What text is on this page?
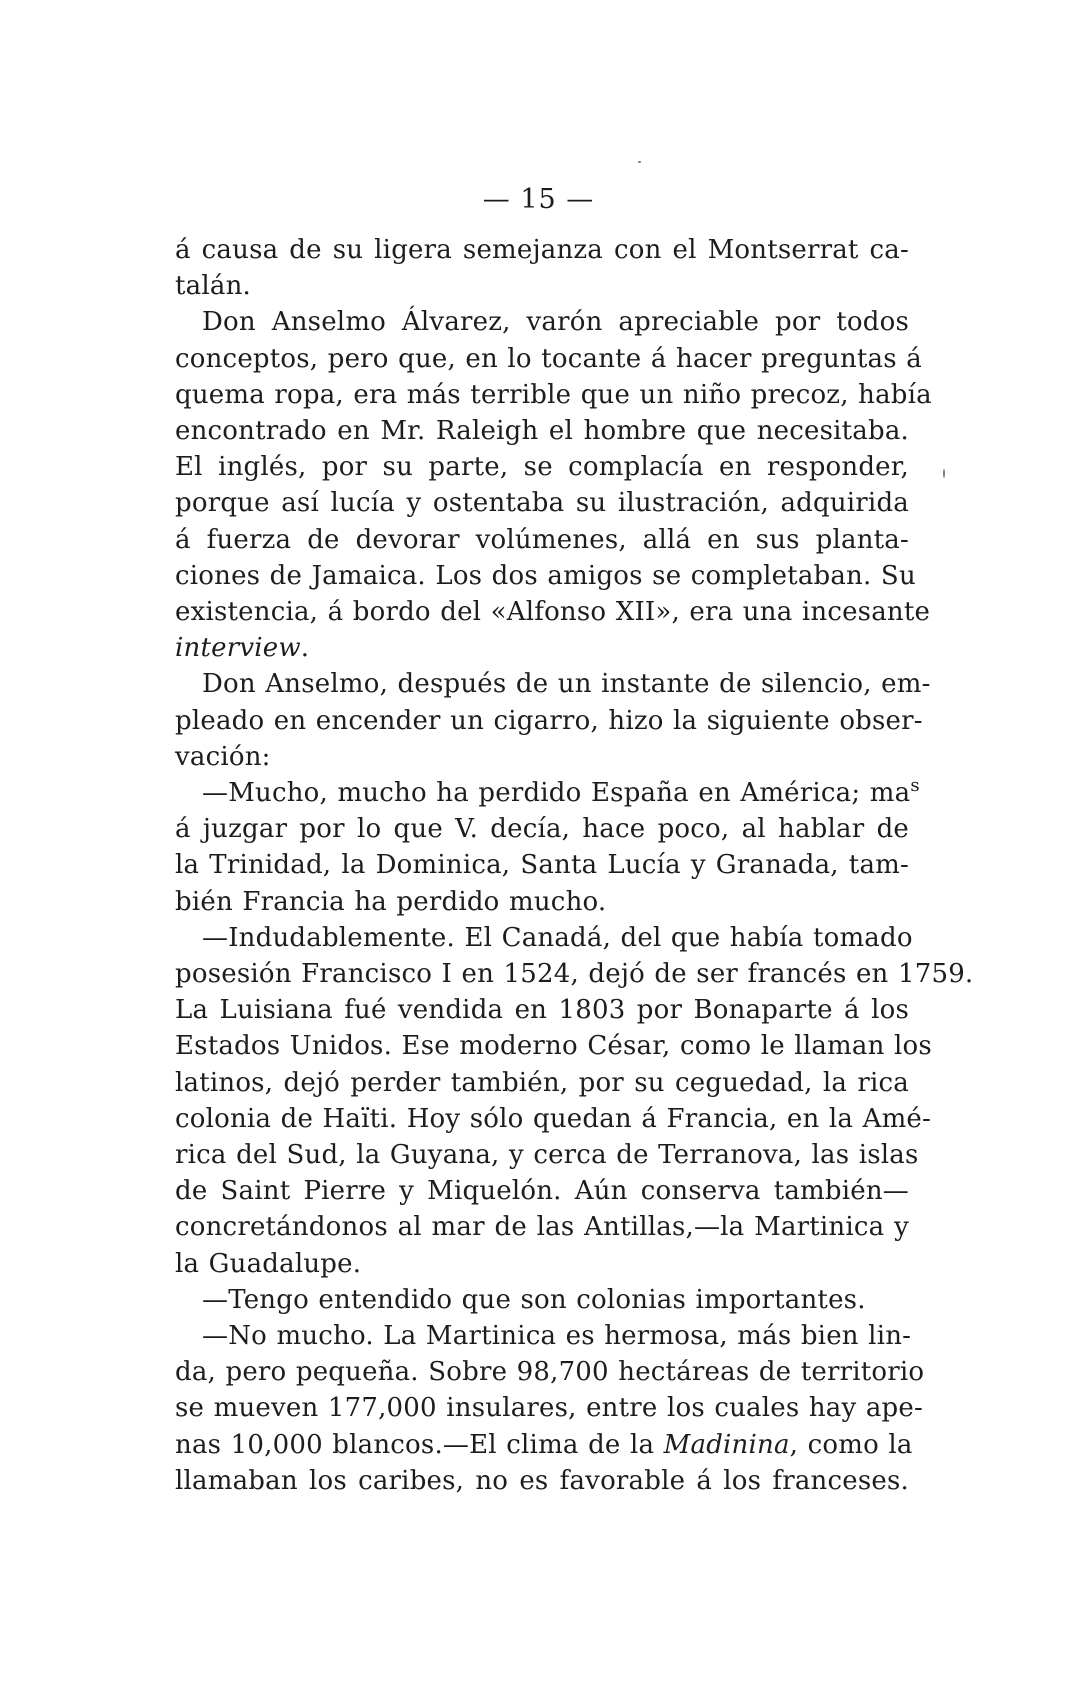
— 15 —
á causa de su ligera semejanza con el Montserrat ca-
talán.
Don Anselmo Álvarez, varón apreciable por todos
conceptos, pero que, en lo tocante á hacer preguntas á
quema ropa, era más terrible que un niño precoz, había
encontrado en Mr. Raleigh el hombre que necesitaba.
El inglés, por su parte, se complacía en responder,
porque así lucía y ostentaba su ilustración, adquirida
á fuerza de devorar volúmenes, allá en sus planta-
ciones de Jamaica. Los dos amigos se completaban. Su
existencia, á bordo del «Alfonso XII», era una incesante
interview.
Don Anselmo, después de un instante de silencio, em-
pleado en encender un cigarro, hizo la siguiente obser-
vación:
—Mucho, mucho ha perdido España en América; $ma^s$
á juzgar por lo que V. decía, hace poco, al hablar de
la Trinidad, la Dominica, Santa Lucía y Granada, tam-
bién Francia ha perdido mucho.
—Indudablemente. El Canadá, del que había tomado
posesión Francisco I en 1524, dejó de ser francés en 1759.
La Luisiana fué vendida en 1803 por Bonaparte á los
Estados Unidos. Ese moderno César, como le llaman los
latinos, dejó perder también, por su ceguedad, la rica
colonia de Haïti. Hoy sólo quedan á Francia, en la Amé-
rica del Sud, la Guyana, y cerca de Terranova, las islas
de Saint Pierre y Miquelón. Aún conserva también—
concretándonos al mar de las Antillas,—la Martinica y
la Guadalupe.
—Tengo entendido que son colonias importantes.
—No mucho. La Martinica es hermosa, más bien lin-
da, pero pequeña. Sobre 98,700 hectáreas de territorio
se mueven 177,000 insulares, entre los cuales hay ape-
nas 10,000 blancos.—El clima de la Madinina, como la
llamaban los caribes, no es favorable á los franceses.
